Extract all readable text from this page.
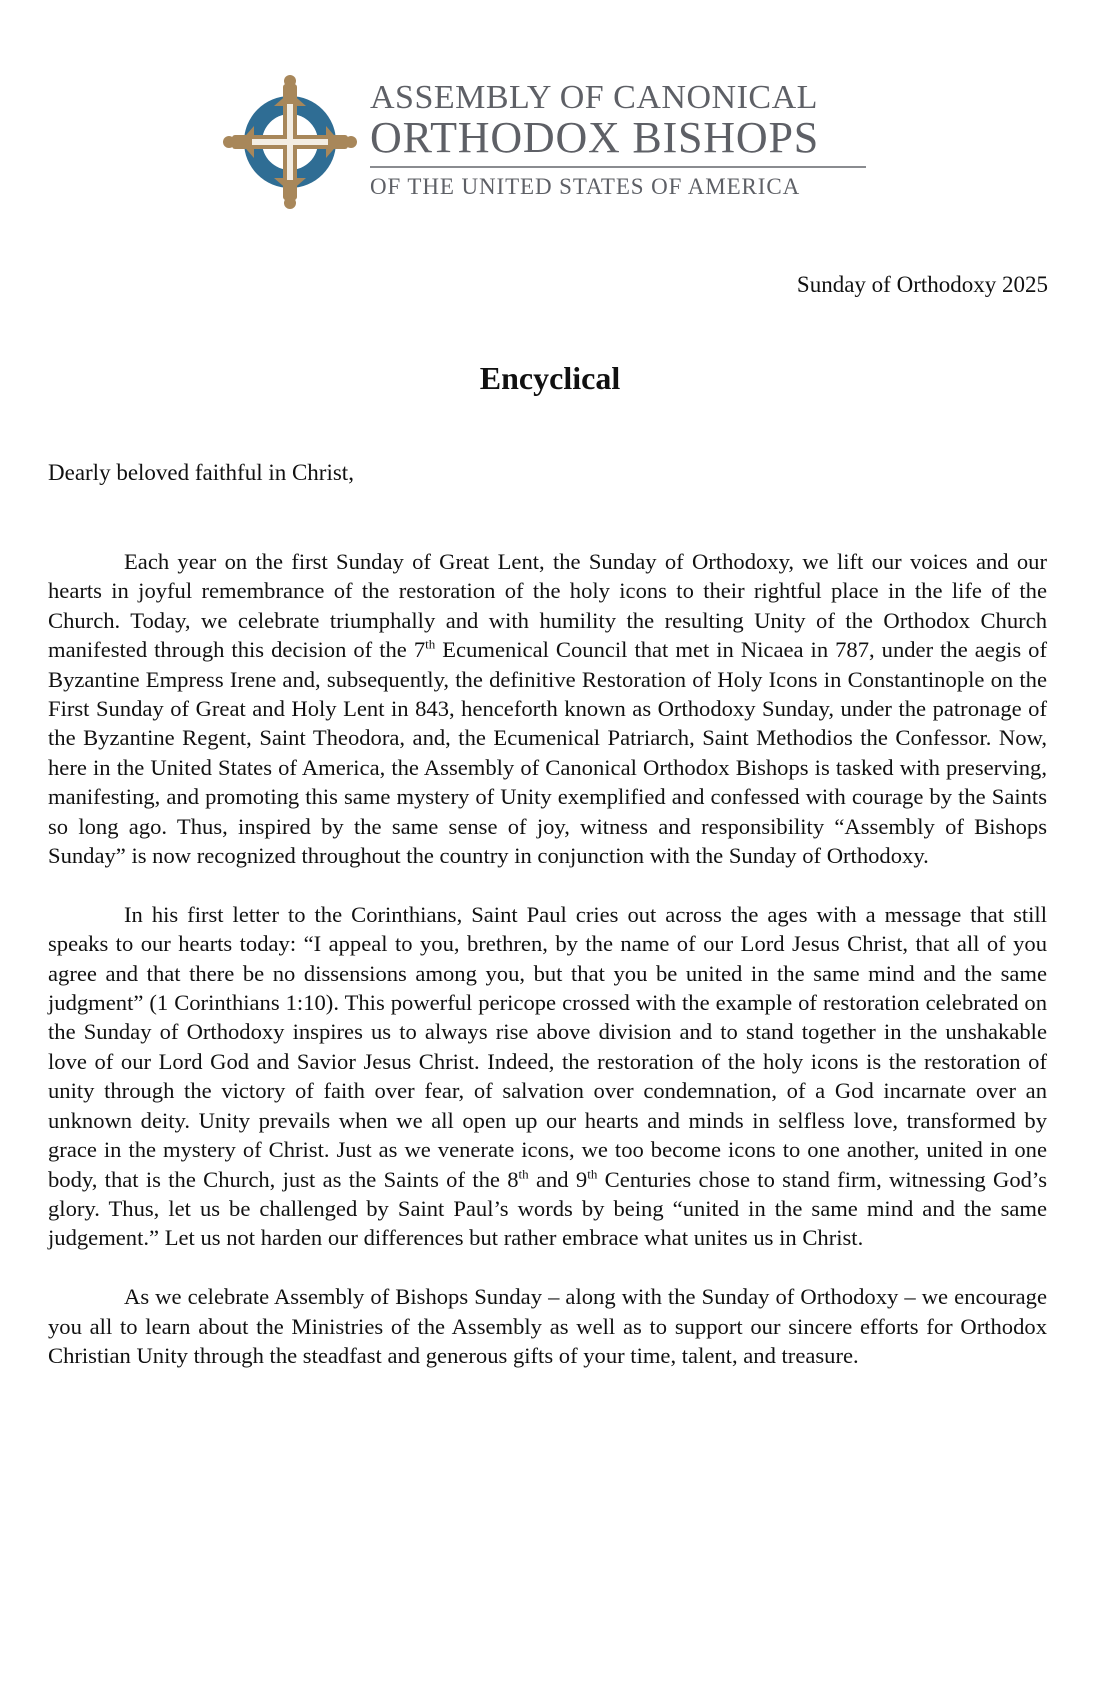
ASSEMBLY OF CANONICAL
ORTHODOX BISHOPS
OF THE UNITED STATES OF AMERICA
Sunday of Orthodoxy 2025
Encyclical
Dearly beloved faithful in Christ,

Each year on the first Sunday of Great Lent, the Sunday of Orthodoxy, we lift our voices and our hearts in joyful remembrance of the restoration of the holy icons to their rightful place in the life of the Church. Today, we celebrate triumphally and with humility the resulting Unity of the Orthodox Church manifested through this decision of the 7th Ecumenical Council that met in Nicaea in 787, under the aegis of Byzantine Empress Irene and, subsequently, the definitive Restoration of Holy Icons in Constantinople on the First Sunday of Great and Holy Lent in 843, henceforth known as Orthodoxy Sunday, under the patronage of the Byzantine Regent, Saint Theodora, and, the Ecumenical Patriarch, Saint Methodios the Confessor. Now, here in the United States of America, the Assembly of Canonical Orthodox Bishops is tasked with preserving, manifesting, and promoting this same mystery of Unity exemplified and confessed with courage by the Saints so long ago. Thus, inspired by the same sense of joy, witness and responsibility “Assembly of Bishops Sunday” is now recognized throughout the country in conjunction with the Sunday of Orthodoxy.

In his first letter to the Corinthians, Saint Paul cries out across the ages with a message that still speaks to our hearts today: “I appeal to you, brethren, by the name of our Lord Jesus Christ, that all of you agree and that there be no dissensions among you, but that you be united in the same mind and the same judgment” (1 Corinthians 1:10). This powerful pericope crossed with the example of restoration celebrated on the Sunday of Orthodoxy inspires us to always rise above division and to stand together in the unshakable love of our Lord God and Savior Jesus Christ. Indeed, the restoration of the holy icons is the restoration of unity through the victory of faith over fear, of salvation over condemnation, of a God incarnate over an unknown deity. Unity prevails when we all open up our hearts and minds in selfless love, transformed by grace in the mystery of Christ. Just as we venerate icons, we too become icons to one another, united in one body, that is the Church, just as the Saints of the 8th and 9th Centuries chose to stand firm, witnessing God’s glory. Thus, let us be challenged by Saint Paul’s words by being “united in the same mind and the same judgement.” Let us not harden our differences but rather embrace what unites us in Christ.

As we celebrate Assembly of Bishops Sunday – along with the Sunday of Orthodoxy – we encourage you all to learn about the Ministries of the Assembly as well as to support our sincere efforts for Orthodox Christian Unity through the steadfast and generous gifts of your time, talent, and treasure.
